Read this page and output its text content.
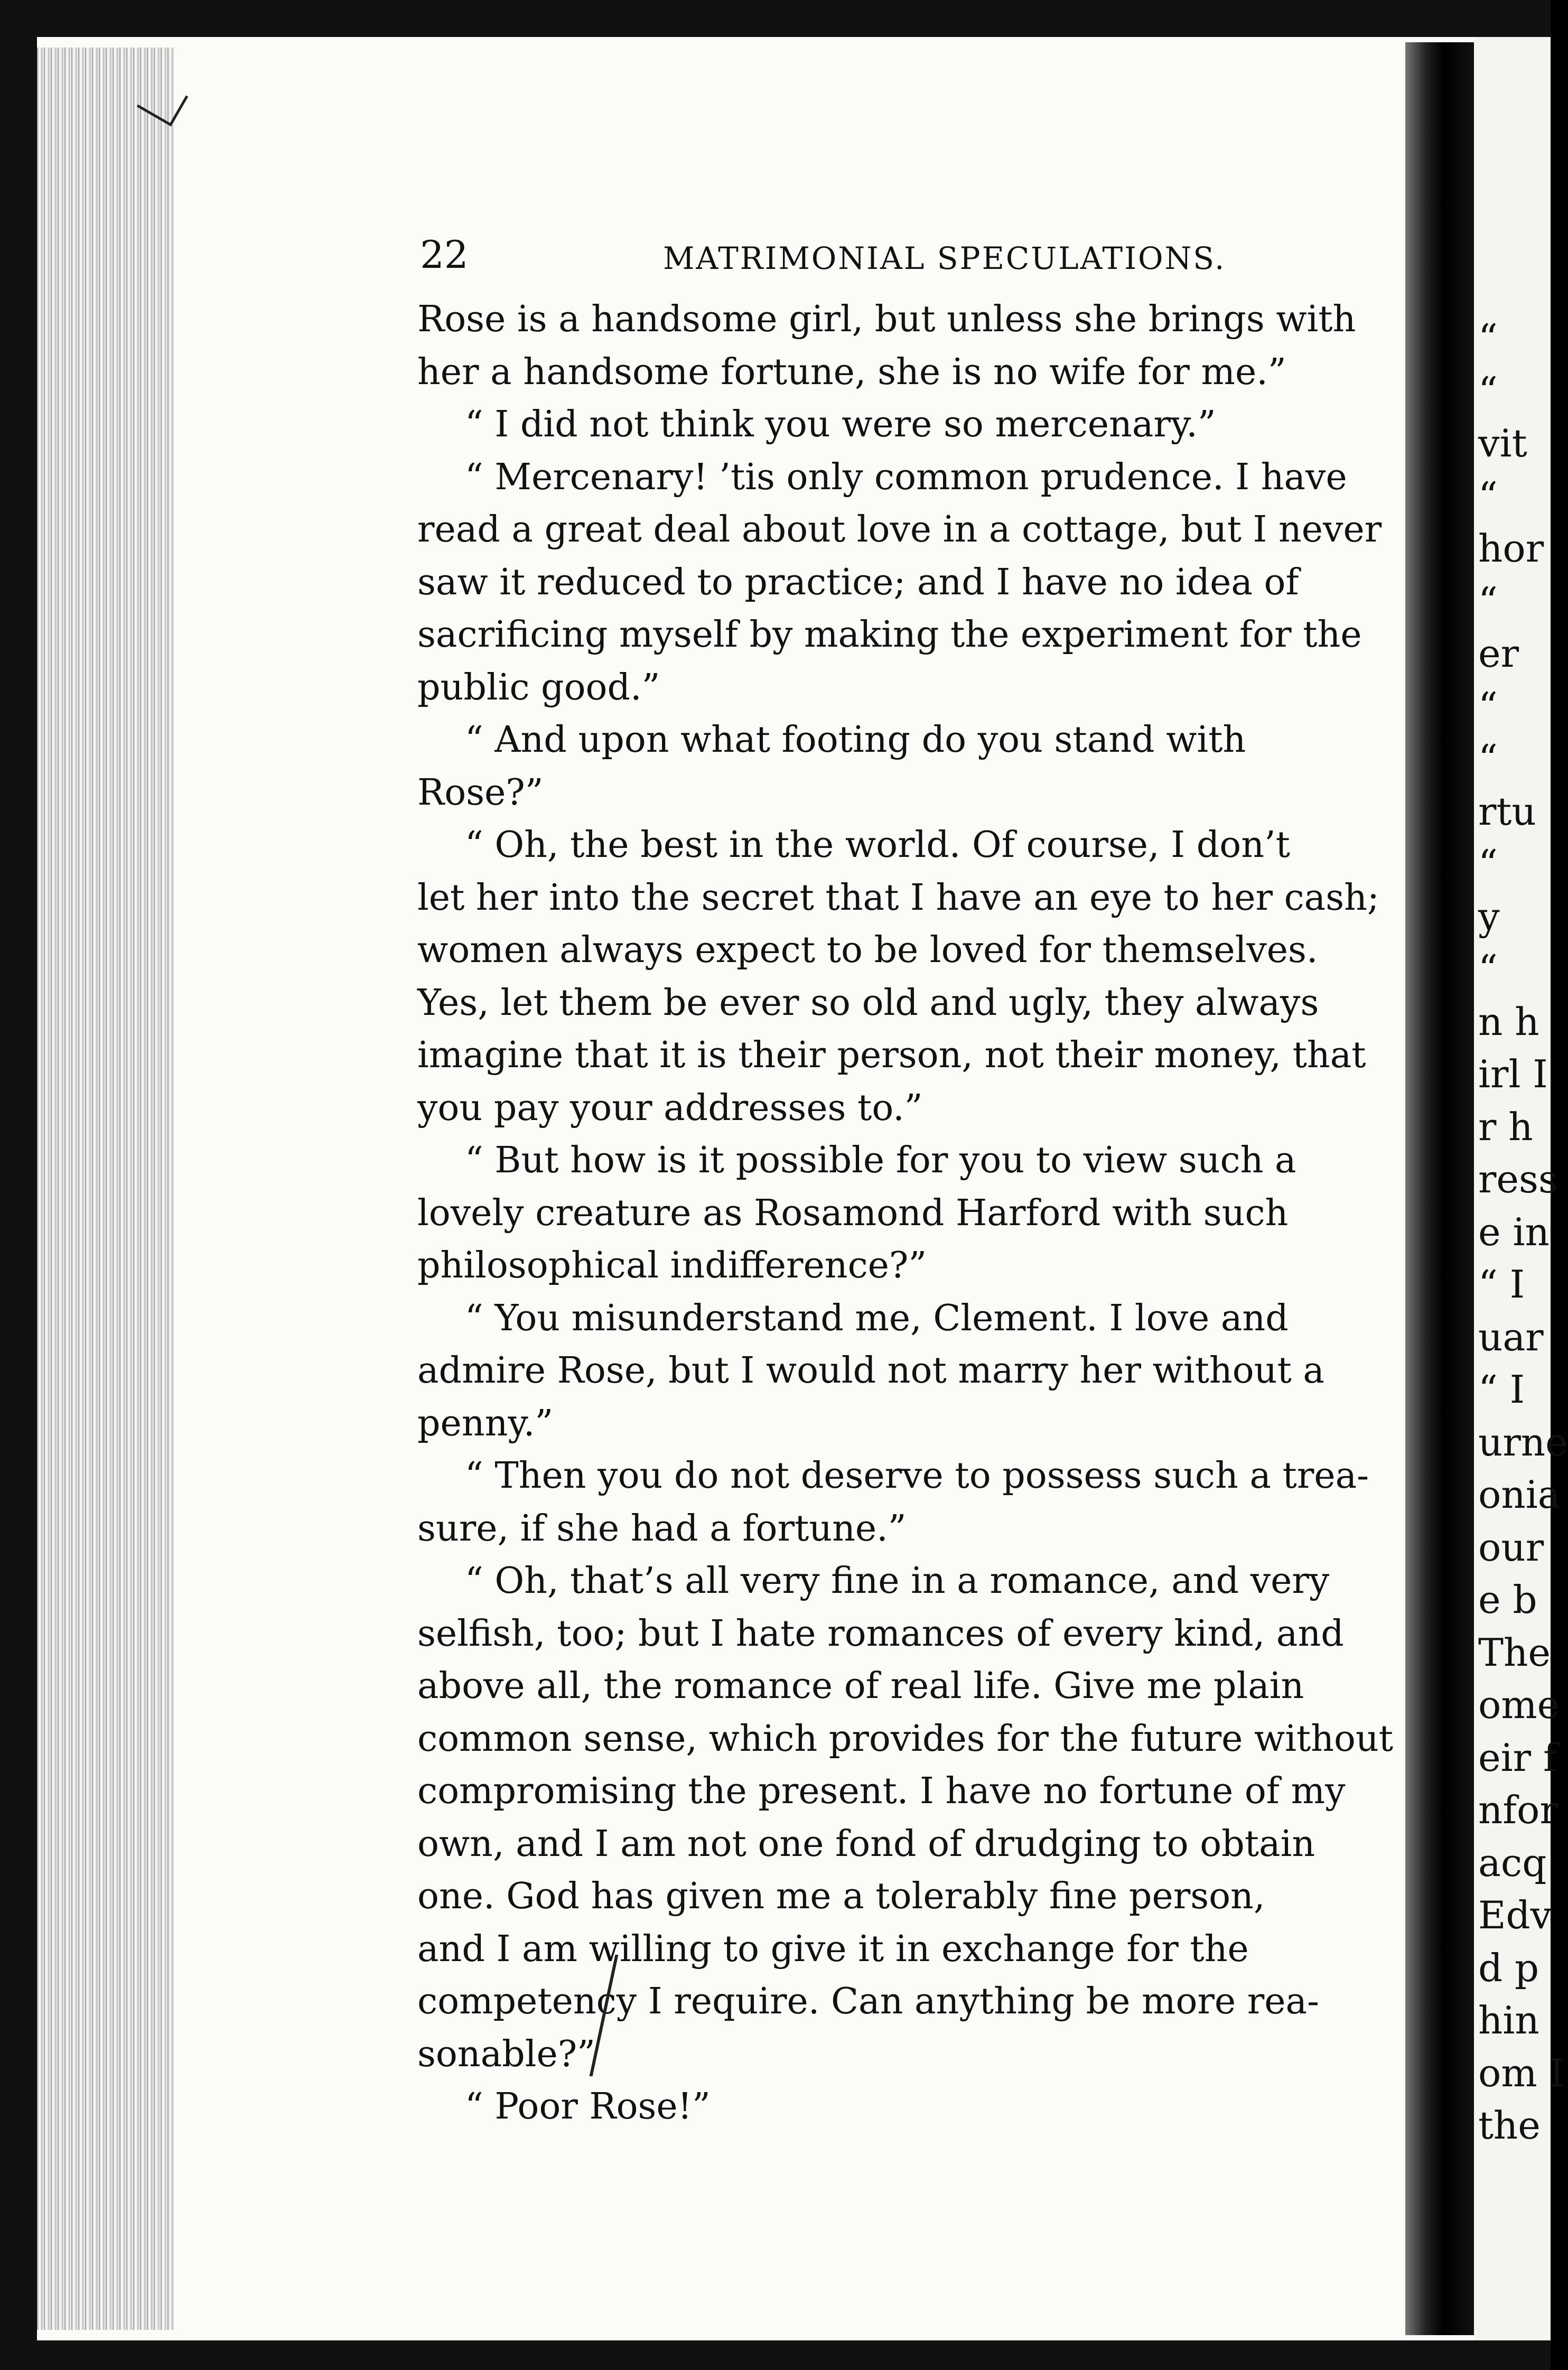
22	MATRIMONIAL SPECULATIONS.
Rose is a handsome girl, but unless she brings with
her a handsome fortune, she is no wife for me.”
“ I did not think you were so mercenary.”
“ Mercenary! ’tis only common prudence. I have
read a great deal about love in a cottage, but I never
saw it reduced to practice; and I have no idea of
sacrificing myself by making the experiment for the
public good.”
“ And upon what footing do you stand with
Rose?”
“ Oh, the best in the world. Of course, I don’t
let her into the secret that I have an eye to her cash;
women always expect to be loved for themselves.
Yes, let them be ever so old and ugly, they always
imagine that it is their person, not their money, that
you pay your addresses to.”
“ But how is it possible for you to view such a
lovely creature as Rosamond Harford with such
philosophical indifference?”
“ You misunderstand me, Clement. I love and
admire Rose, but I would not marry her without a
penny.”
“ Then you do not deserve to possess such a trea-
sure, if she had a fortune.”
“ Oh, that’s all very fine in a romance, and very
selfish, too; but I hate romances of every kind, and
above all, the romance of real life. Give me plain
common sense, which provides for the future without
compromising the present. I have no fortune of my
own, and I am not one fond of drudging to obtain
one. God has given me a tolerably fine person,
and I am willing to give it in exchange for the
competency I require. Can anything be more rea-
sonable?”
“ Poor Rose!”
“
“
vit
“
hor
“
er
“
“
rtu
“
y
“
n h
irl I
r h
ress
e in
“ I
uar
“ I
urne
onia
our
e b
The
ome
eir f
nfor
acq
Edv
d p
hin
om I
the
